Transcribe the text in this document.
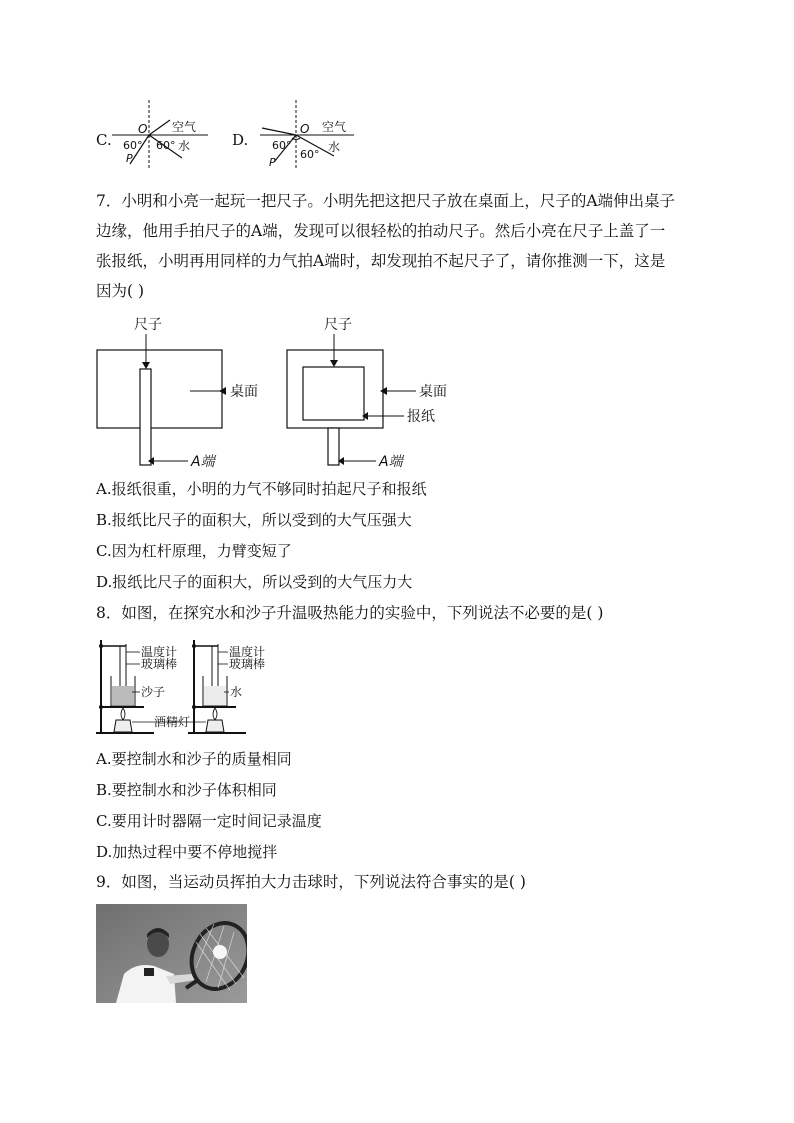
C.
O 空气
水
60° 60°
P
D.
O 空气
水
60°
60°
P
7．小明和小亮一起玩一把尺子。小明先把这把尺子放在桌面上，尺子的A端伸出桌子
边缘，他用手拍尺子的A端，发现可以很轻松的拍动尺子。然后小亮在尺子上盖了一
张报纸，小明再用同样的力气拍A端时，却发现拍不起尺子了，请你推测一下，这是
因为( )
尺子
桌面
A端
尺子
桌面
报纸
A端
A.报纸很重，小明的力气不够同时拍起尺子和报纸
B.报纸比尺子的面积大，所以受到的大气压强大
C.因为杠杆原理，力臂变短了
D.报纸比尺子的面积大，所以受到的大气压力大
8．如图，在探究水和沙子升温吸热能力的实验中，下列说法不必要的是( )
温度计
玻璃棒
沙子
温度计
玻璃棒
水
酒精灯
A.要控制水和沙子的质量相同
B.要控制水和沙子体积相同
C.要用计时器隔一定时间记录温度
D.加热过程中要不停地搅拌
9．如图，当运动员挥拍大力击球时，下列说法符合事实的是( )
